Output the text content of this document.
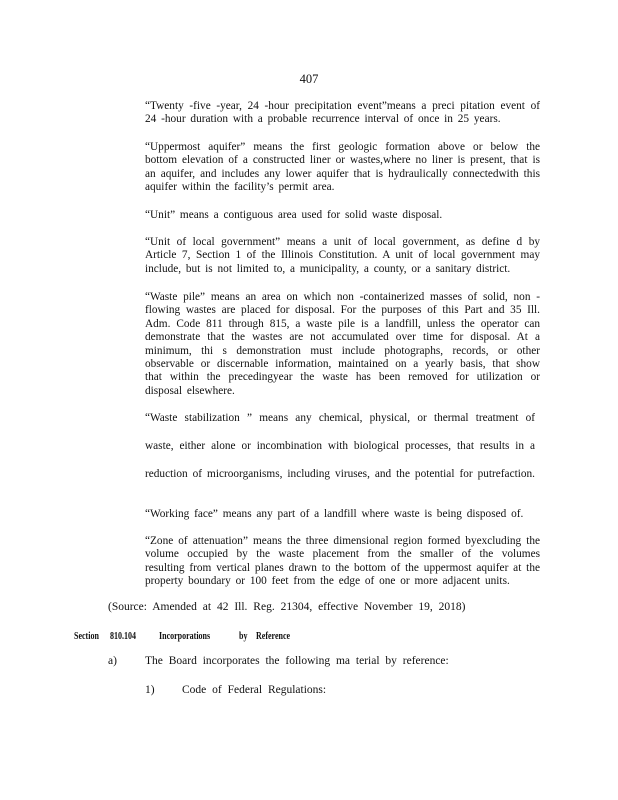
407

“Twenty -five -year, 24 -hour precipitation event”means a preci pitation event of 24 -hour duration with a probable recurrence interval of once in 25 years.

“Uppermost aquifer” means the first geologic formation above or below the bottom elevation of a constructed liner or wastes,where no liner is present, that is an aquifer, and includes any lower aquifer that is hydraulically connectedwith this aquifer within the facility’s permit area.

“Unit” means a contiguous area used for solid waste disposal.

“Unit of local government” means a unit of local government, as define d by Article 7, Section 1 of the Illinois Constitution. A unit of local government may include, but is not limited to, a municipality, a county, or a sanitary district.

“Waste pile” means an area on which non -containerized masses of solid, non - flowing wastes are placed for disposal. For the purposes of this Part and 35 Ill. Adm. Code 811 through 815, a waste pile is a landfill, unless the operator can demonstrate that the wastes are not accumulated over time for disposal. At a minimum, thi s demonstration must include photographs, records, or other observable or discernable information, maintained on a yearly basis, that show that within the precedingyear the waste has been removed for utilization or disposal elsewhere.

“Waste stabilization ” means any chemical, physical, or thermal treatment of
waste, either alone or incombination with biological processes, that results in a
reduction of microorganisms, including viruses, and the potential for putrefaction.

“Working face” means any part of a landfill where waste is being disposed of.

“Zone of attenuation” means the three dimensional region formed byexcluding the volume occupied by the waste placement from the smaller of the volumes resulting from vertical planes drawn to the bottom of the uppermost aquifer at the property boundary or 100 feet from the edge of one or more adjacent units.

(Source: Amended at 42 Ill. Reg. 21304, effective November 19, 2018)
Section 810.104	Incorporations	by Reference
a) The Board incorporates the following ma terial by reference:
1) Code of Federal Regulations:
